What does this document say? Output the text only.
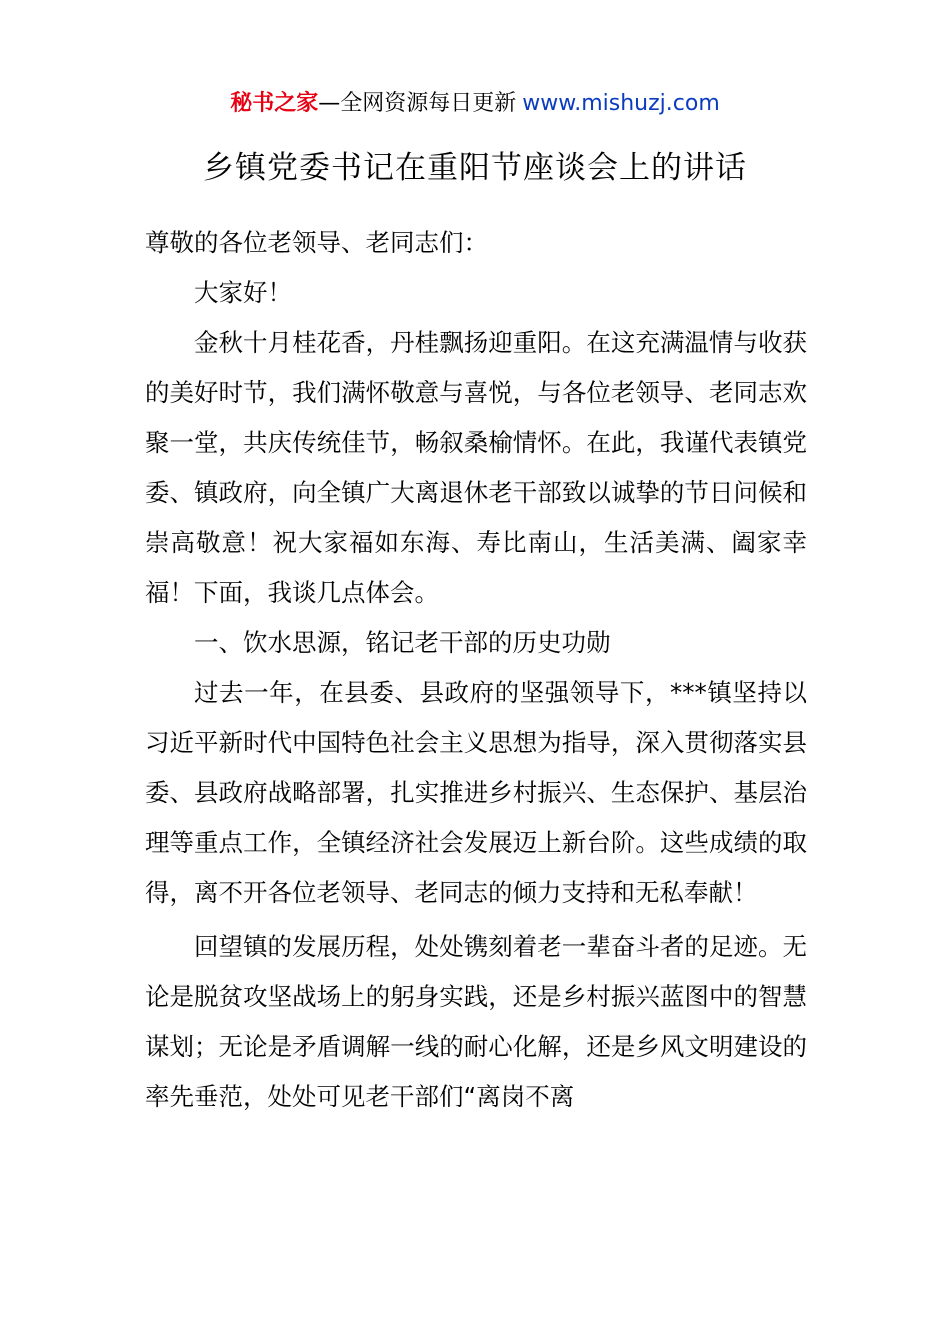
秘书之家—全网资源每日更新 www.mishuzj.com
乡镇党委书记在重阳节座谈会上的讲话

尊敬的各位老领导、老同志们：

大家好！

金秋十月桂花香，丹桂飘扬迎重阳。在这充满温情与收获的美好时节，我们满怀敬意与喜悦，与各位老领导、老同志欢聚一堂，共庆传统佳节，畅叙桑榆情怀。在此，我谨代表镇党委、镇政府，向全镇广大离退休老干部致以诚挚的节日问候和崇高敬意！祝大家福如东海、寿比南山，生活美满、阖家幸福！下面，我谈几点体会。

一、饮水思源，铭记老干部的历史功勋

过去一年，在县委、县政府的坚强领导下，***镇坚持以习近平新时代中国特色社会主义思想为指导，深入贯彻落实县委、县政府战略部署，扎实推进乡村振兴、生态保护、基层治理等重点工作，全镇经济社会发展迈上新台阶。这些成绩的取得，离不开各位老领导、老同志的倾力支持和无私奉献！

回望镇的发展历程，处处镌刻着老一辈奋斗者的足迹。无论是脱贫攻坚战场上的躬身实践，还是乡村振兴蓝图中的智慧谋划；无论是矛盾调解一线的耐心化解，还是乡风文明建设的率先垂范，处处可见老干部们“离岗不离
